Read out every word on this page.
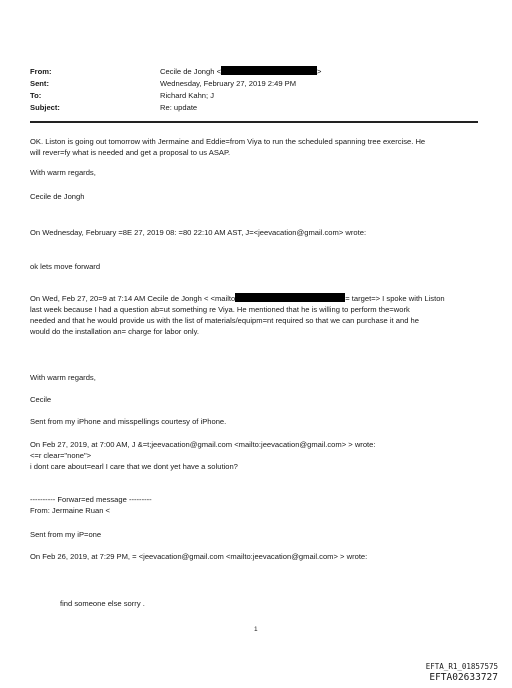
From:	Cecile de Jongh <	>
Sent:	Wednesday, February 27, 2019 2:49 PM
To:	Richard Kahn; J
Subject:	Re: update
OK. Liston is going out tomorrow with Jermaine and Eddie=from Viya to run the scheduled spanning tree exercise. He
will rever=fy what is needed and get a proposal to us ASAP.
With warm regards,
Cecile de Jongh
On Wednesday, February =8E 27, 2019 08: =80 22:10 AM AST, J=<jeevacation@gmail.com> wrote:
ok lets move forward
On Wed, Feb 27, 20=9 at 7:14 AM Cecile de Jongh < <mailto	= target=> I spoke with Liston
last week because I had a question ab=ut something re Viya. He mentioned that he is willing to perform the=work
needed and that he would provide us with the list of materials/equipm=nt required so that we can purchase it and he
would do the installation an= charge for labor only.
With warm regards,
Cecile
Sent from my iPhone and misspellings courtesy of iPhone.
On Feb 27, 2019, at 7:00 AM, J &=t;jeevacation@gmail.com <mailto:jeevacation@gmail.com> > wrote:
<=r clear="none">
i dont care about=earl I care that we dont yet have a solution?
---------- Forwar=ed message ---------
From: Jermaine Ruan <
Sent from my iP=one
On Feb 26, 2019, at 7:29 PM, = <jeevacation@gmail.com <mailto:jeevacation@gmail.com> > wrote:
find someone else sorry .
1
EFTA_R1_01857575
EFTA02633727
